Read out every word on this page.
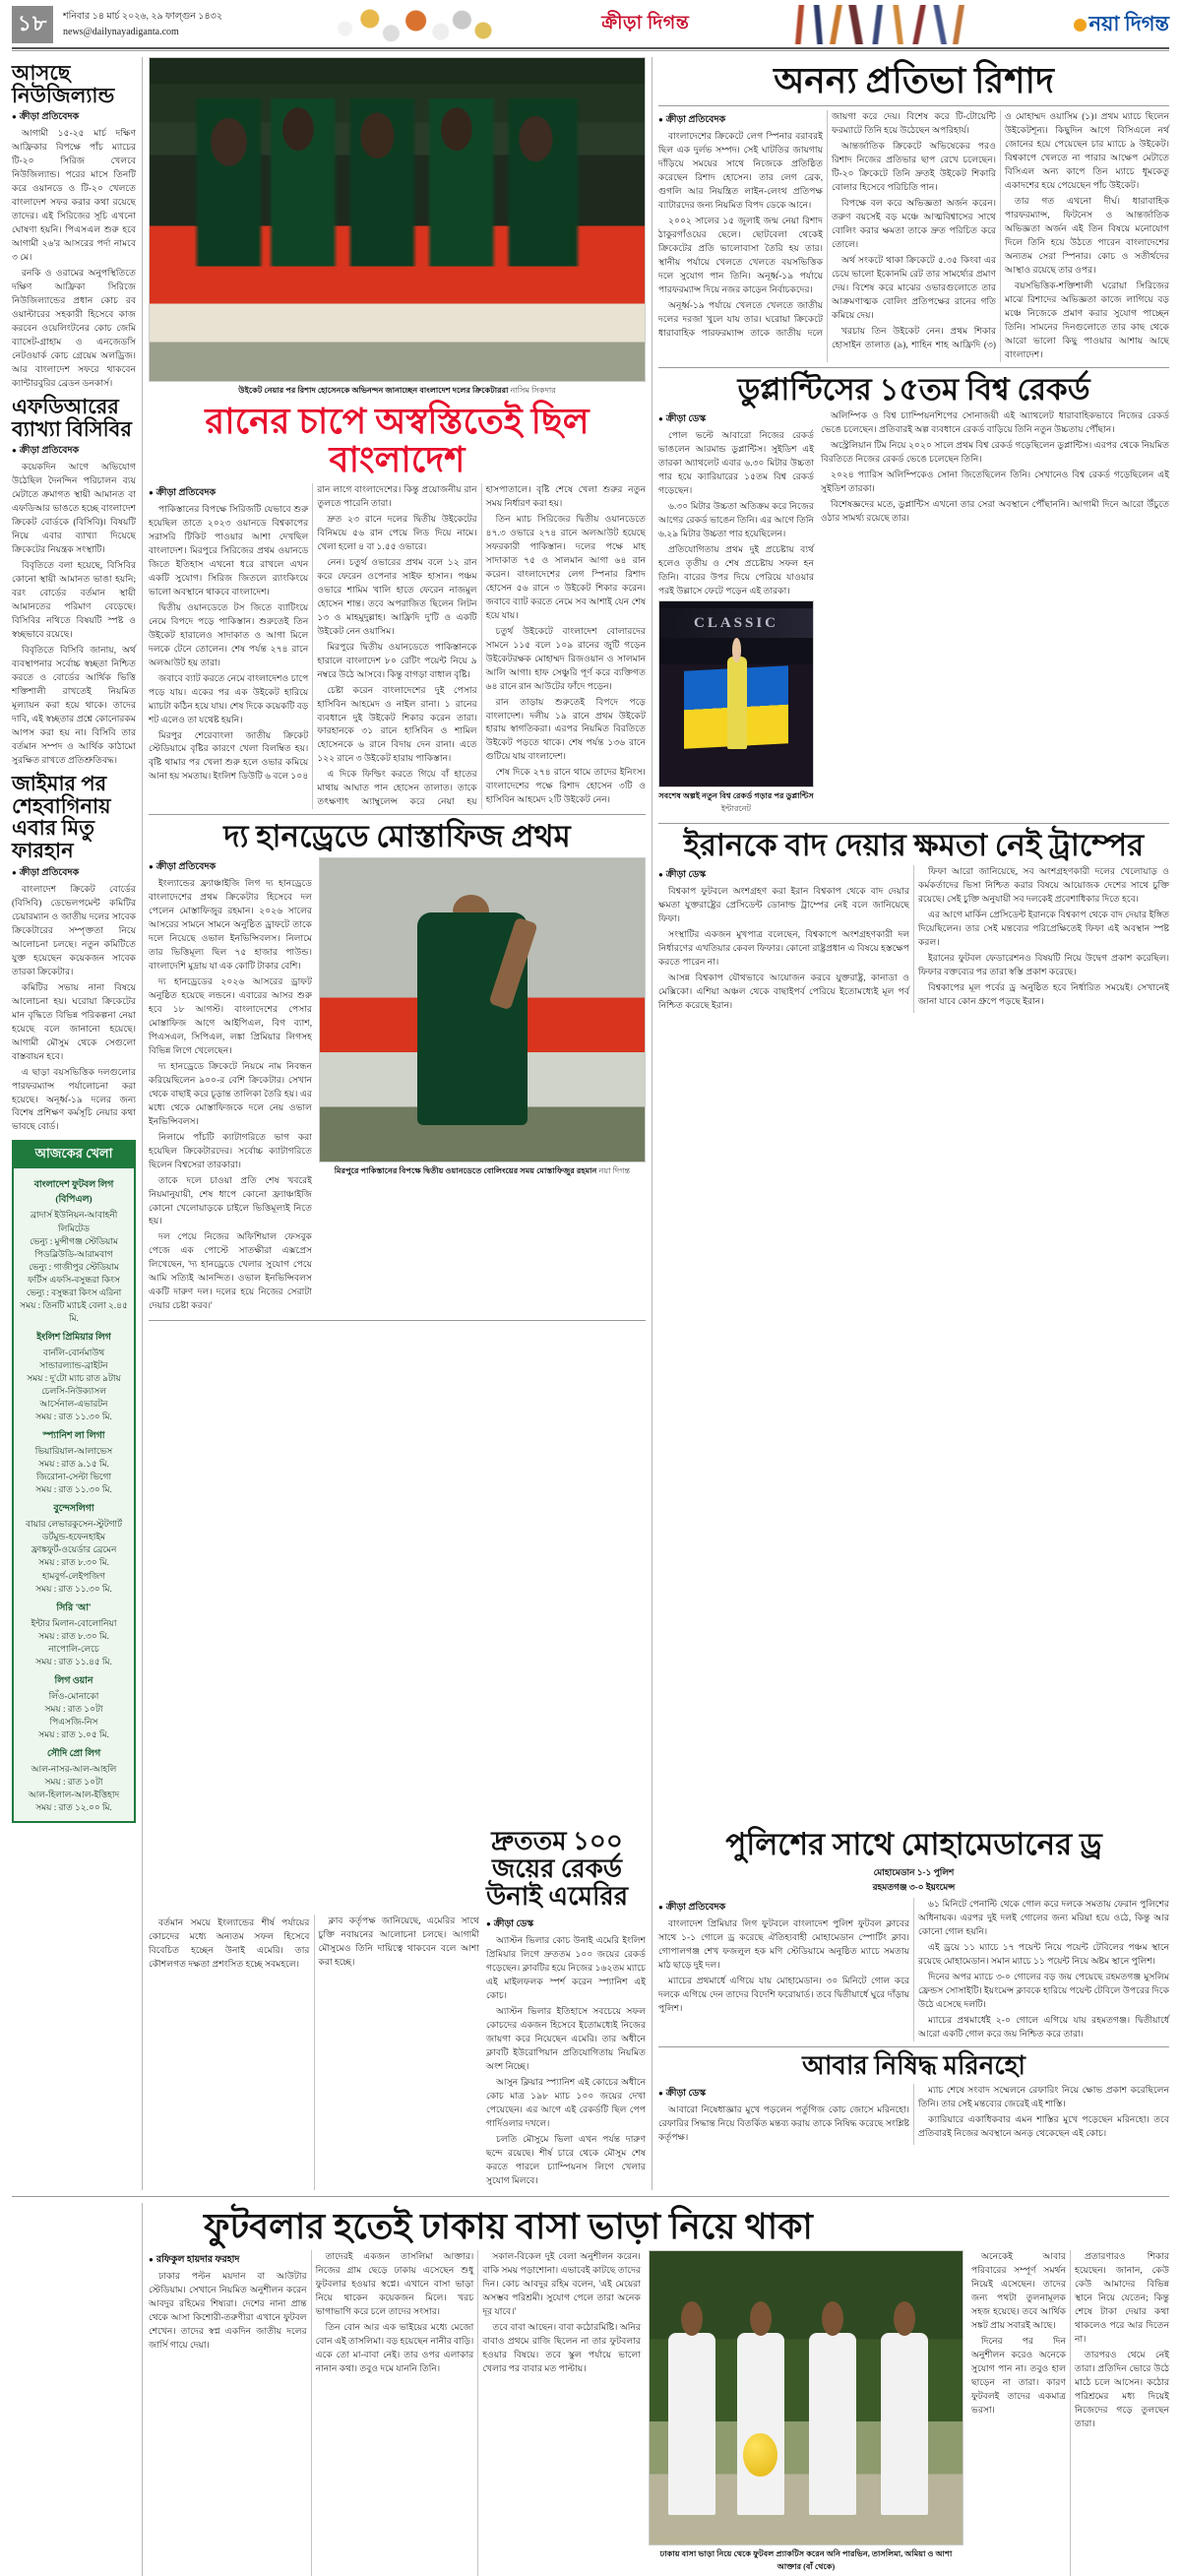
১৮	শনিবার ১৪ মার্চ ২০২৬, ২৯ ফাল্গুন ১৪৩২
news@dailynayadiganta.com	ক্রীড়া দিগন্ত	নয়া দিগন্ত
আসছে নিউজিল্যান্ড
● ক্রীড়া প্রতিবেদক

আগামী ১৫-২৫ মার্চ দক্ষিণ আফ্রিকার বিপক্ষে পাঁচ ম্যাচের টি-২০ সিরিজ খেলবে নিউজিল্যান্ড। পরের মাসে তিনটি করে ওয়ানডে ও টি-২০ খেলতে বাংলাদেশ সফর করার কথা রয়েছে তাদের। এই সিরিজের সূচি এখনো ঘোষণা হয়নি। পিএসএল শুরু হবে আগামী ২৬'র আসরের পর্দা নামবে ৩ মে।

রনকি ও ওরামের অনুপস্থিতিতে দক্ষিণ আফ্রিকা সিরিজে নিউজিল্যান্ডের প্রধান কোচ রব ওয়াল্টারের সহকারী হিসেবে কাজ করবেন ওয়েলিংটনের কোচ জেমি ব্যাসেট-গ্রাহাম ও এনজেডসি নেটওয়ার্ক কোচ গ্রেয়েম অলড্রিজ। আর বাংলাদেশ সফরে থাকবেন ক্যান্টারবুরির ব্রেডন ডনকার্স।

এফডিআরের ব্যাখ্যা বিসিবির
● ক্রীড়া প্রতিবেদক

কয়েকদিন আগে অভিযোগ উঠেছিল দৈনন্দিন পরিচালন ব্যয় মেটাতে ক্রমাগত স্থায়ী আমানত বা এফডিআর ভাঙতে হচ্ছে বাংলাদেশ ক্রিকেট বোর্ডকে (বিসিবি)। বিষয়টি নিয়ে এবার ব্যাখ্যা দিয়েছে ক্রিকেটের নিয়ন্ত্রক সংস্থাটি।

বিবৃতিতে বলা হয়েছে, বিসিবির কোনো স্থায়ী আমানত ভাঙা হয়নি; বরং বোর্ডের বর্তমান স্থায়ী আমানতের পরিমাণ বেড়েছে। বিসিবির নথিতে বিষয়টি স্পষ্ট ও স্বচ্ছভাবে রয়েছে।

বিবৃতিতে বিসিবি জানায়, অর্থ ব্যবস্থাপনার সর্বোচ্চ স্বচ্ছতা নিশ্চিত করতে ও বোর্ডের আর্থিক ভিত্তি শক্তিশালী রাখতেই নিয়মিত মূল্যায়ন করা হয়ে থাকে। তাদের দাবি, এই স্বচ্ছতার প্রশ্নে কোনোরকম আপস করা হয় না। বিসিবি তার বর্তমান সম্পদ ও আর্থিক কাঠামো সুরক্ষিত রাখতে প্রতিশ্রুতিবদ্ধ।

জাইমার পর শেহবাগিনায় এবার মিতু ফারহান
● ক্রীড়া প্রতিবেদক

বাংলাদেশ ক্রিকেট বোর্ডের (বিসিবি) ডেভেলপমেন্ট কমিটির চেয়ারম্যান ও জাতীয় দলের সাবেক ক্রিকেটারের সম্পৃক্ততা নিয়ে আলোচনা চলছে। নতুন কমিটিতে যুক্ত হয়েছেন কয়েকজন সাবেক তারকা ক্রিকেটার।

কমিটির সভায় নানা বিষয়ে আলোচনা হয়। ঘরোয়া ক্রিকেটের মান বৃদ্ধিতে বিভিন্ন পরিকল্পনা নেয়া হয়েছে বলে জানানো হয়েছে। আগামী মৌসুম থেকে সেগুলো বাস্তবায়ন হবে।

এ ছাড়া বয়সভিত্তিক দলগুলোর পারফরম্যান্স পর্যালোচনা করা হয়েছে। অনূর্ধ্ব-১৯ দলের জন্য বিশেষ প্রশিক্ষণ কর্মসূচি নেয়ার কথা ভাবছে বোর্ড।

আজকের খেলা
বাংলাদেশ ফুটবল লিগ (বিপিএল)
ব্রাদার্স ইউনিয়ন-আবাহনী লিমিটেড
ভেন্যু : মুন্সীগঞ্জ স্টেডিয়াম
পিডব্লিউডি-আরামবাগ
ভেন্যু : গাজীপুর স্টেডিয়াম
ফর্টিস এফসি-বসুন্ধরা কিংস
ভেন্যু : বসুন্ধরা কিংস এরিনা
সময় : তিনটি ম্যাচই বেলা ২.৪৫ মি.
ইংলিশ প্রিমিয়ার লিগ
বার্নলি-বোর্নমাউথ
সান্ডারল্যান্ড-ব্রাইটন
সময় : দু'টো ম্যাচ রাত ৯টায়
চেলসি-নিউক্যাসল
আর্সেনাল-এভারটন
সময় : রাত ১১.৩০ মি.
স্প্যানিশ লা লিগা
ভিয়ারিয়াল-আলাভেস
সময় : রাত ৯.১৫ মি.
জিরোনা-সেল্টা ভিগো
সময় : রাত ১১.৩০ মি.
বুন্দেসলিগা
বায়ার লেভারকুসেন-স্টুটগার্ট
ডর্টমুন্ড-হফেনহাইম
ফ্রাঙ্কফুর্ট-ওয়ের্ডার ব্রেমেন
সময় : রাত ৮.৩০ মি.
হামবুর্গ-লেইপজিগ
সময় : রাত ১১.৩০ মি.
সিরি 'আ'
ইন্টার মিলান-বোলোনিয়া
সময় : রাত ৮.৩০ মি.
নাপোলি-লেচে
সময় : রাত ১১.৪৫ মি.
লিগ ওয়ান
লিঁও-মোনাকো
সময় : রাত ১০টা
পিএসজি-নিস
সময় : রাত ১.০৫ মি.
সৌদি প্রো লিগ
আল-নাসর-আল-আহলি
সময় : রাত ১০টা
আল-হিলাল-আল-ইত্তিহাদ
সময় : রাত ১২.০০ মি.
উইকেট নেয়ার পর রিশাদ হোসেনকে অভিনন্দন জানাচ্ছেন বাংলাদেশ দলের ক্রিকেটাররা নাসিম সিকদার
রানের চাপে অস্বস্তিতেই ছিল বাংলাদেশ
● ক্রীড়া প্রতিবেদক

পাকিস্তানের বিপক্ষে সিরিজটি যেভাবে শুরু হয়েছিল তাতে ২০২৩ ওয়ানডে বিশ্বকাপের সরাসরি টিকিট পাওয়ার আশা দেখছিল বাংলাদেশ। মিরপুরে সিরিজের প্রথম ওয়ানডে জিতে ইতিহাস এখনো ধরে রাখলে এখন একটি সুযোগ। সিরিজ জিতলে র‍্যাংকিংয়ে ভালো অবস্থানে থাকবে বাংলাদেশ।

দ্বিতীয় ওয়ানডেতে টস জিতে ব্যাটিংয়ে নেমে বিপদে পড়ে পাকিস্তান। শুরুতেই তিন উইকেট হারালেও সাদাকাত ও আগা মিলে দলকে টেনে তোলেন। শেষ পর্যন্ত ২৭৪ রানে অলআউট হয় তারা।

জবাবে ব্যাট করতে নেমে বাংলাদেশও চাপে পড়ে যায়। একের পর এক উইকেট হারিয়ে ম্যাচটা কঠিন হয়ে যায়। শেষ দিকে কয়েকটি বড় শট এলেও তা যথেষ্ট হয়নি।

মিরপুর শেরেবাংলা জাতীয় ক্রিকেট স্টেডিয়ামে বৃষ্টির কারণে খেলা বিলম্বিত হয়। বৃষ্টি থামার পর খেলা শুরু হলে ওভার কমিয়ে আনা হয় সমতায়। ইংলিশ ডিউটি ৬ বলে ১০৪ রান লাগে বাংলাদেশের। কিন্তু প্রয়োজনীয় রান তুলতে পারেনি তারা।

দ্রুত ২৩ রানে দলের দ্বিতীয় উইকেটের বিনিময়ে ৫৬ রান পেয়ে লিড দিয়ে নামে। খেলা হলো ৪ বা ১.৫৫ ওভারে।

নেন। চতুর্থ ওভারের প্রথম বলে ১২ রান করে ফেরেন ওপেনার সাইফ হাসান। পঞ্চম ওভারে শামিম খালি হাতে ফেরেন নাজমুল হোসেন শান্ত। তবে অপরাজিত ছিলেন লিটন ১৩ ও মাহমুদুল্লাহ। আফ্রিদি দু'টি ও একটি উইকেট নেন ওয়াসিম।

মিরপুরে দ্বিতীয় ওয়ানডেতে পাকিস্তানকে হারালে বাংলাদেশ ৮০ রেটিং পয়েন্ট নিয়ে ৯ নম্বরে উঠে আসবে। কিন্তু বাগড়া বাধাল বৃষ্টি।

চেষ্টা করেন বাংলাদেশের দুই পেসার হাসিবিন আহমেদ ও নাইল রানা। ১ রানের ব্যবধানে দুই উইকেট শিকার করেন তারা। ফারহানকে ৩১ রানে হাসিবিন ও শামিল হোসেনকে ৬ রানে বিদায় দেন রানা। এতে ১২২ রানে ৩ উইকেট হারায় পাকিস্তান।

এ দিকে ফিল্ডিং করতে গিয়ে বাঁ হাতের মাথায় আঘাত পান হোসেন তালাত। তাকে তৎক্ষণাৎ অ্যাম্বুলেন্স করে নেয়া হয় হাসপাতালে। বৃষ্টি শেষে খেলা শুরুর নতুন সময় নির্ধারণ করা হয়।

তিন ম্যাচ সিরিজের দ্বিতীয় ওয়ানডেতে ৪৭.৩ ওভারে ২৭৪ রানে অলআউট হয়েছে সফরকারী পাকিস্তান। দলের পক্ষে মাহ সাদাকাত ৭৫ ও সালমান আগা ৬৪ রান করেন। বাংলাদেশের লেগ স্পিনার রিশাদ হোসেন ৫৬ রানে ৩ উইকেট শিকার করেন। জবাবে ব্যাট করতে নেমে সব আশাই যেন শেষ হয়ে যায়।

চতুর্থ উইকেটে বাংলাদেশ বোলারদের সামনে ১১৫ বলে ১০৯ রানের জুটি গড়েন উইকেটরক্ষক মোহাম্মদ রিজওয়ান ও সালমান আলি আগা। হাফ সেঞ্চুরি পূর্ণ করে ব্যক্তিগত ৬৪ রানে রান আউটের ফাঁদে পড়েন।

রান তাড়ায় শুরুতেই বিপদে পড়ে বাংলাদেশ। দলীয় ১৯ রানে প্রথম উইকেট হারায় স্বাগতিকরা। এরপর নিয়মিত বিরতিতে উইকেট পড়তে থাকে। শেষ পর্যন্ত ১৩৬ রানে গুটিয়ে যায় বাংলাদেশ।

শেষ দিকে ২৭৪ রানে থামে তাদের ইনিংস। বাংলাদেশের পক্ষে রিশাদ হোসেন ৩টি ও হাসিবিন আহমেদ ২টি উইকেট নেন।

দ্য হানড্রেডে মোস্তাফিজ প্রথম
● ক্রীড়া প্রতিবেদক

ইংল্যান্ডের ফ্র্যাঞ্চাইজি লিগ দ্য হানড্রেডে বাংলাদেশের প্রথম ক্রিকেটার হিসেবে দল পেলেন মোস্তাফিজুর রহমান। ২০২৬ সালের আসরের সামনে সামনে অনুষ্ঠিত ড্রাফটে তাকে দলে নিয়েছে ওভাল ইনভিন্সিবলস। নিলামে তার ভিত্তিমূল্য ছিল ৭৫ হাজার পাউন্ড। বাংলাদেশি মুদ্রায় যা এক কোটি টাকার বেশি।

দ্য হানড্রেডের ২০২৬ আসরের ড্রাফট অনুষ্ঠিত হয়েছে লন্ডনে। এবারের আসর শুরু হবে ১৮ আগস্ট। বাংলাদেশের পেসার মোস্তাফিজ আগে আইপিএল, বিগ ব্যাশ, পিএসএল, সিপিএল, লঙ্কা প্রিমিয়ার লিগসহ বিভিন্ন লিগে খেলেছেন।

দ্য হানড্রেডে ক্রিকেটে নিয়মে নাম নিবন্ধন করিয়েছিলেন ৯০০-র বেশি ক্রিকেটার। সেখান থেকে বাছাই করে চূড়ান্ত তালিকা তৈরি হয়। এর মধ্যে থেকে মোস্তাফিজকে দলে নেয় ওভাল ইনভিন্সিবলস।

নিলামে পাঁচটি ক্যাটাগরিতে ভাগ করা হয়েছিল ক্রিকেটারদের। সর্বোচ্চ ক্যাটাগরিতে ছিলেন বিশ্বসেরা তারকারা।

তাকে দলে চাওয়া প্রতি শেষ খবরেই নিয়মানুযায়ী, শেষ ধাপে কোনো ফ্র্যাঞ্চাইজি কোনো খেলোয়াড়কে চাইলে ভিত্তিমূল্যই নিতে হয়।

দল পেয়ে নিজের অফিশিয়াল ফেসবুক পেজে এক পোস্টে সাতক্ষীরা এক্সপ্রেস লিখেছেন, 'দ্য হানড্রেডে খেলার সুযোগ পেয়ে আমি সত্যিই আনন্দিত। ওভাল ইনভিন্সিবলস একটি দারুণ দল। দলের হয়ে নিজের সেরাটা দেয়ার চেষ্টা করব।'

মিরপুরে পাকিস্তানের বিপক্ষে দ্বিতীয় ওয়ানডেতে বোলিংয়ের সময় মোস্তাফিজুর রহমান নয়া দিগন্ত
অনন্য প্রতিভা রিশাদ
● ক্রীড়া প্রতিবেদক

বাংলাদেশের ক্রিকেটে লেগ স্পিনার বরাবরই ছিল এক দুর্লভ সম্পদ। সেই ঘাটতির জায়গায় দাঁড়িয়ে সময়ের সাথে নিজেকে প্রতিষ্ঠিত করেছেন রিশাদ হোসেন। তার লেগ ব্রেক, গুগলি আর নিয়ন্ত্রিত লাইন-লেংথ প্রতিপক্ষ ব্যাটারদের জন্য নিয়মিত বিপদ ডেকে আনে।

২০০২ সালের ১৫ জুলাই জন্ম নেয়া রিশাদ ঠাকুরগাঁওয়ের ছেলে। ছোটবেলা থেকেই ক্রিকেটের প্রতি ভালোবাসা তৈরি হয় তার। স্থানীয় পর্যায়ে খেলতে খেলতে বয়সভিত্তিক দলে সুযোগ পান তিনি। অনূর্ধ্ব-১৯ পর্যায়ে পারফরম্যান্স দিয়ে নজর কাড়েন নির্বাচকদের।

অনূর্ধ্ব-১৯ পর্যায়ে খেলতে খেলতে জাতীয় দলের দরজা খুলে যায় তার। ঘরোয়া ক্রিকেটে ধারাবাহিক পারফরম্যান্স তাকে জাতীয় দলে জায়গা করে দেয়। বিশেষ করে টি-টোয়েন্টি ফরম্যাটে তিনি হয়ে উঠেছেন অপরিহার্য।

আন্তর্জাতিক ক্রিকেটে অভিষেকের পরও রিশাদ নিজের প্রতিভার ছাপ রেখে চলেছেন। টি-২০ ক্রিকেটে তিনি দ্রুতই উইকেট শিকারি বোলার হিসেবে পরিচিতি পান।

বিপক্ষে বল করে অভিজ্ঞতা অর্জন করেন। তরুণ বয়সেই বড় মঞ্চে আত্মবিশ্বাসের সাথে বোলিং করার ক্ষমতা তাকে দ্রুত পরিচিত করে তোলে।

অর্থ সংকটে থাকা ক্রিকেটে ৫.৩৫ কিংবা এর চেয়ে ভালো ইকোনমি রেট তার সামর্থ্যের প্রমাণ দেয়। বিশেষ করে মাঝের ওভারগুলোতে তার আক্রমণাত্মক বোলিং প্রতিপক্ষের রানের গতি কমিয়ে দেয়।

খরচায় তিন উইকেট নেন। প্রথম শিকার হোসাইন তালাত (৯), শাহিন শাহ আফ্রিদি (৩) ও মোহাম্মদ ওয়াসিম (১)। প্রথম ম্যাচে ছিলেন উইকেটশূন্য। কিছুদিন আগে বিসিএলে নর্থ জোনের হয়ে পেয়েছেন চার ম্যাচে ৯ উইকেট। বিশ্বকাপে খেলতে না পারার আক্ষেপ মেটাতে বিসিএল অন্য কাপে তিন ম্যাচে ধূমকেতু একাদশের হয়ে পেয়েছেন পাঁচ উইকেট।

তার গত এখনো দীর্ঘ। ধারাবাহিক পারফরম্যান্স, ফিটনেস ও আন্তর্জাতিক অভিজ্ঞতা অর্জন এই তিন বিষয়ে মনোযোগ দিলে তিনি হয়ে উঠতে পারেন বাংলাদেশের অন্যতম সেরা স্পিনার। কোচ ও সতীর্থদের আস্থাও রয়েছে তার ওপর।

বয়সভিত্তিক-শক্তিশালী ঘরোয়া সিরিজের মাঝে রিশাদের অভিজ্ঞতা কাজে লাগিয়ে বড় মঞ্চে নিজেকে প্রমাণ করার সুযোগ পাচ্ছেন তিনি। সামনের দিনগুলোতে তার কাছ থেকে আরো ভালো কিছু পাওয়ার আশায় আছে বাংলাদেশ।

ডুপ্লান্টিসের ১৫তম বিশ্ব রেকর্ড
● ক্রীড়া ডেস্ক

পোল ভল্টে আবারো নিজের রেকর্ড ভাঙলেন আরমান্ড ডুপ্লান্টিস। সুইডিশ এই তারকা অ্যাথলেট এবার ৬.৩০ মিটার উচ্চতা পার হয়ে ক্যারিয়ারের ১৫তম বিশ্ব রেকর্ড গড়েছেন।

৬.৩০ মিটার উচ্চতা অতিক্রম করে নিজের আগের রেকর্ড ভাঙেন তিনি। এর আগে তিনি ৬.২৯ মিটার উচ্চতা পার হয়েছিলেন।

প্রতিযোগিতায় প্রথম দুই প্রচেষ্টায় ব্যর্থ হলেও তৃতীয় ও শেষ প্রচেষ্টায় সফল হন তিনি। বারের উপর দিয়ে পেরিয়ে যাওয়ার পরই উল্লাসে ফেটে পড়েন এই তারকা।

CLASSIC
সবশেষ অল্পই নতুন বিশ্ব রেকর্ড গড়ার পর ডুপ্লান্টিস ইন্টারনেট

অলিম্পিক ও বিশ্ব চ্যাম্পিয়নশিপের সোনাজয়ী এই অ্যাথলেট ধারাবাহিকভাবে নিজের রেকর্ড ভেঙে চলেছেন। প্রতিবারই অল্প ব্যবধানে রেকর্ড বাড়িয়ে তিনি নতুন উচ্চতায় পৌঁছান।

অস্ট্রেলিয়ান টিম নিয়ে ২০২০ সালে প্রথম বিশ্ব রেকর্ড গড়েছিলেন ডুপ্লান্টিস। এরপর থেকে নিয়মিত বিরতিতে নিজের রেকর্ড ভেঙে চলেছেন তিনি।

২০২৪ প্যারিস অলিম্পিকেও সোনা জিতেছিলেন তিনি। সেখানেও বিশ্ব রেকর্ড গড়েছিলেন এই সুইডিশ তারকা।

বিশেষজ্ঞদের মতে, ডুপ্লান্টিস এখনো তার সেরা অবস্থানে পৌঁছাননি। আগামী দিনে আরো উঁচুতে ওঠার সামর্থ্য রয়েছে তার।

ইরানকে বাদ দেয়ার ক্ষমতা নেই ট্রাম্পের
● ক্রীড়া ডেস্ক

বিশ্বকাপ ফুটবলে অংশগ্রহণ করা ইরান বিশ্বকাপ থেকে বাদ দেয়ার ক্ষমতা যুক্তরাষ্ট্রের প্রেসিডেন্ট ডোনাল্ড ট্রাম্পের নেই বলে জানিয়েছে ফিফা।

সংস্থাটির একজন মুখপাত্র বলেছেন, বিশ্বকাপে অংশগ্রহণকারী দল নির্ধারণের এখতিয়ার কেবল ফিফার। কোনো রাষ্ট্রপ্রধান এ বিষয়ে হস্তক্ষেপ করতে পারেন না।

আসন্ন বিশ্বকাপ যৌথভাবে আয়োজন করবে যুক্তরাষ্ট্র, কানাডা ও মেক্সিকো। এশিয়া অঞ্চল থেকে বাছাইপর্ব পেরিয়ে ইতোমধ্যেই মূল পর্ব নিশ্চিত করেছে ইরান।

ফিফা আরো জানিয়েছে, সব অংশগ্রহণকারী দলের খেলোয়াড় ও কর্মকর্তাদের ভিসা নিশ্চিত করার বিষয়ে আয়োজক দেশের সাথে চুক্তি রয়েছে। সেই চুক্তি অনুযায়ী সব দলকেই প্রবেশাধিকার দিতে হবে।

এর আগে মার্কিন প্রেসিডেন্ট ইরানকে বিশ্বকাপ থেকে বাদ দেয়ার ইঙ্গিত দিয়েছিলেন। তার সেই মন্তব্যের পরিপ্রেক্ষিতেই ফিফা এই অবস্থান স্পষ্ট করল।

ইরানের ফুটবল ফেডারেশনও বিষয়টি নিয়ে উদ্বেগ প্রকাশ করেছিল। ফিফার বক্তব্যের পর তারা স্বস্তি প্রকাশ করেছে।

বিশ্বকাপের মূল পর্বের ড্র অনুষ্ঠিত হবে নির্ধারিত সময়েই। সেখানেই জানা যাবে কোন গ্রুপে পড়ছে ইরান।

দ্রুততম ১০০ জয়ের রেকর্ড উনাই এমেরির

বর্তমান সময়ে ইংল্যান্ডের শীর্ষ পর্যায়ের কোচদের মধ্যে অন্যতম সফল হিসেবে বিবেচিত হচ্ছেন উনাই এমেরি। তার কৌশলগত দক্ষতা প্রশংসিত হচ্ছে সবমহলে।

ক্লাব কর্তৃপক্ষ জানিয়েছে, এমেরির সাথে চুক্তি নবায়নের আলোচনা চলছে। আগামী মৌসুমেও তিনি দায়িত্বে থাকবেন বলে আশা করা হচ্ছে।

● ক্রীড়া ডেস্ক

অ্যাস্টন ভিলার কোচ উনাই এমেরি ইংলিশ প্রিমিয়ার লিগে দ্রুততম ১০০ জয়ের রেকর্ড গড়েছেন। ক্লাবটির হয়ে নিজের ১৬২তম ম্যাচে এই মাইলফলক স্পর্শ করেন স্প্যানিশ এই কোচ।

অ্যাস্টন ভিলার ইতিহাসে সবচেয়ে সফল কোচদের একজন হিসেবে ইতোমধ্যেই নিজের জায়গা করে নিয়েছেন এমেরি। তার অধীনে ক্লাবটি ইউরোপিয়ান প্রতিযোগিতায় নিয়মিত অংশ নিচ্ছে।

আসুন ক্লিয়ার স্প্যানিশ এই কোচের অধীনে কোচ মাত্র ১৯৮ ম্যাচ ১০০ জয়ের দেখা পেয়েছেন। এর আগে এই রেকর্ডটি ছিল পেপ গার্দিওলার দখলে।

চলতি মৌসুমে ভিলা এখন পর্যন্ত দারুণ ছন্দে রয়েছে। শীর্ষ চারে থেকে মৌসুম শেষ করতে পারলে চ্যাম্পিয়নস লিগে খেলার সুযোগ মিলবে।

পুলিশের সাথে মোহামেডানের ড্র
মোহামেডান ১-১ পুলিশ
রহমতগঞ্জ ৩-০ ইয়ংমেন্স
● ক্রীড়া প্রতিবেদক

বাংলাদেশ প্রিমিয়ার লিগ ফুটবলে বাংলাদেশ পুলিশ ফুটবল ক্লাবের সাথে ১-১ গোলে ড্র করেছে ঐতিহ্যবাহী মোহামেডান স্পোর্টিং ক্লাব। গোপালগঞ্জ শেখ ফজলুল হক মণি স্টেডিয়ামে অনুষ্ঠিত ম্যাচে সমতায় মাঠ ছাড়ে দুই দল।

ম্যাচের প্রথমার্ধে এগিয়ে যায় মোহামেডান। ৩০ মিনিটে গোল করে দলকে এগিয়ে দেন তাদের বিদেশি ফরোয়ার্ড। তবে দ্বিতীয়ার্ধে ঘুরে দাঁড়ায় পুলিশ।

৬১ মিনিটে পেনাল্টি থেকে গোল করে দলকে সমতায় ফেরান পুলিশের অধিনায়ক। এরপর দুই দলই গোলের জন্য মরিয়া হয়ে ওঠে, কিন্তু আর কোনো গোল হয়নি।

এই ড্রয়ে ১১ ম্যাচে ১৭ পয়েন্ট নিয়ে পয়েন্ট টেবিলের পঞ্চম স্থানে রয়েছে মোহামেডান। সমান ম্যাচে ১১ পয়েন্ট নিয়ে অষ্টম স্থানে পুলিশ।

দিনের অপর ম্যাচে ৩-০ গোলের বড় জয় পেয়েছে রহমতগঞ্জ মুসলিম ফ্রেন্ডস সোসাইটি। ইয়ংমেন্স ক্লাবকে হারিয়ে পয়েন্ট টেবিলে উপরের দিকে উঠে এসেছে দলটি।

ম্যাচের প্রথমার্ধেই ২-০ গোলে এগিয়ে যায় রহমতগঞ্জ। দ্বিতীয়ার্ধে আরো একটি গোল করে জয় নিশ্চিত করে তারা।

আবার নিষিদ্ধ মরিনহো
● ক্রীড়া ডেস্ক

আবারো নিষেধাজ্ঞার মুখে পড়লেন পর্তুগিজ কোচ জোসে মরিনহো। রেফারির সিদ্ধান্ত নিয়ে বিতর্কিত মন্তব্য করায় তাকে নিষিদ্ধ করেছে সংশ্লিষ্ট কর্তৃপক্ষ।

ম্যাচ শেষে সংবাদ সম্মেলনে রেফারিং নিয়ে ক্ষোভ প্রকাশ করেছিলেন তিনি। তার সেই মন্তব্যের জেরেই এই শাস্তি।

ক্যারিয়ারে একাধিকবার এমন শাস্তির মুখে পড়েছেন মরিনহো। তবে প্রতিবারই নিজের অবস্থানে অনড় থেকেছেন এই কোচ।

ফুটবলার হতেই ঢাকায় বাসা ভাড়া নিয়ে থাকা
● রফিকুল হায়দার ফরহাদ

ঢাকার পল্টন ময়দান বা আউটার স্টেডিয়াম। সেখানে নিয়মিত অনুশীলন করেন আবদুর রহিমের শিষ্যরা। দেশের নানা প্রান্ত থেকে আসা কিশোরী-তরুণীরা এখানে ফুটবল শেখেন। তাদের স্বপ্ন একদিন জাতীয় দলের জার্সি গায়ে দেয়া।

তাদেরই একজন তাসলিমা আক্তার। নিজের গ্রাম ছেড়ে ঢাকায় এসেছেন শুধু ফুটবলার হওয়ার স্বপ্নে। এখানে বাসা ভাড়া নিয়ে থাকেন কয়েকজন মিলে। খরচ ভাগাভাগি করে চলে তাদের সংসার।

তিন বোন আর এক ভাইয়ের মধ্যে মেজো বোন এই তাসলিমা। বড় হয়েছেন নানীর বাড়ি। একে তো মা-বাবা নেই। তার ওপর এলাকার নানান কথা। তবুও দমে যাননি তিনি।

সকাল-বিকেল দুই বেলা অনুশীলন করেন। বাকি সময় পড়াশোনা। এভাবেই কাটছে তাদের দিন। কোচ আবদুর রহিম বলেন, 'এই মেয়েরা অসম্ভব পরিশ্রমী। সুযোগ পেলে তারা অনেক দূর যাবে।'

তবে বাবা আছেন। বাবা কঠোরমিষ্টি। অনির বাবাও প্রথমে রাজি ছিলেন না তার ফুটবলার হওয়ার বিষয়ে। তবে স্কুল পর্যায়ে ভালো খেলার পর বাবার মত পাল্টায়।

ঢাকায় বাসা ভাড়া নিয়ে থেকে ফুটবল প্র্যাকটিস করেন অনি পারভিন, তাসলিমা, অমিয়া ও আশা আক্তার (বাঁ থেকে)

অনেকেই আবার পরিবারের সম্পূর্ণ সমর্থন নিয়েই এসেছেন। তাদের জন্য পথটা তুলনামূলক সহজ হয়েছে। তবে আর্থিক সঙ্কট প্রায় সবারই আছে।

দিনের পর দিন অনুশীলন করেও অনেকে সুযোগ পান না। তবুও হাল ছাড়েন না তারা। কারণ ফুটবলই তাদের একমাত্র ভরসা।

প্রতারণারও শিকার হয়েছেন। জানান, কেউ কেউ আমাদের বিভিন্ন স্থানে নিয়ে যেতেন; কিন্তু শেষে টাকা দেয়ার কথা থাকলেও পরে আর দিতেন না।

তারপরও থেমে নেই তারা। প্রতিদিন ভোরে উঠে মাঠে চলে আসেন। কঠোর পরিশ্রমের মধ্য দিয়েই নিজেদের গড়ে তুলছেন তারা।
